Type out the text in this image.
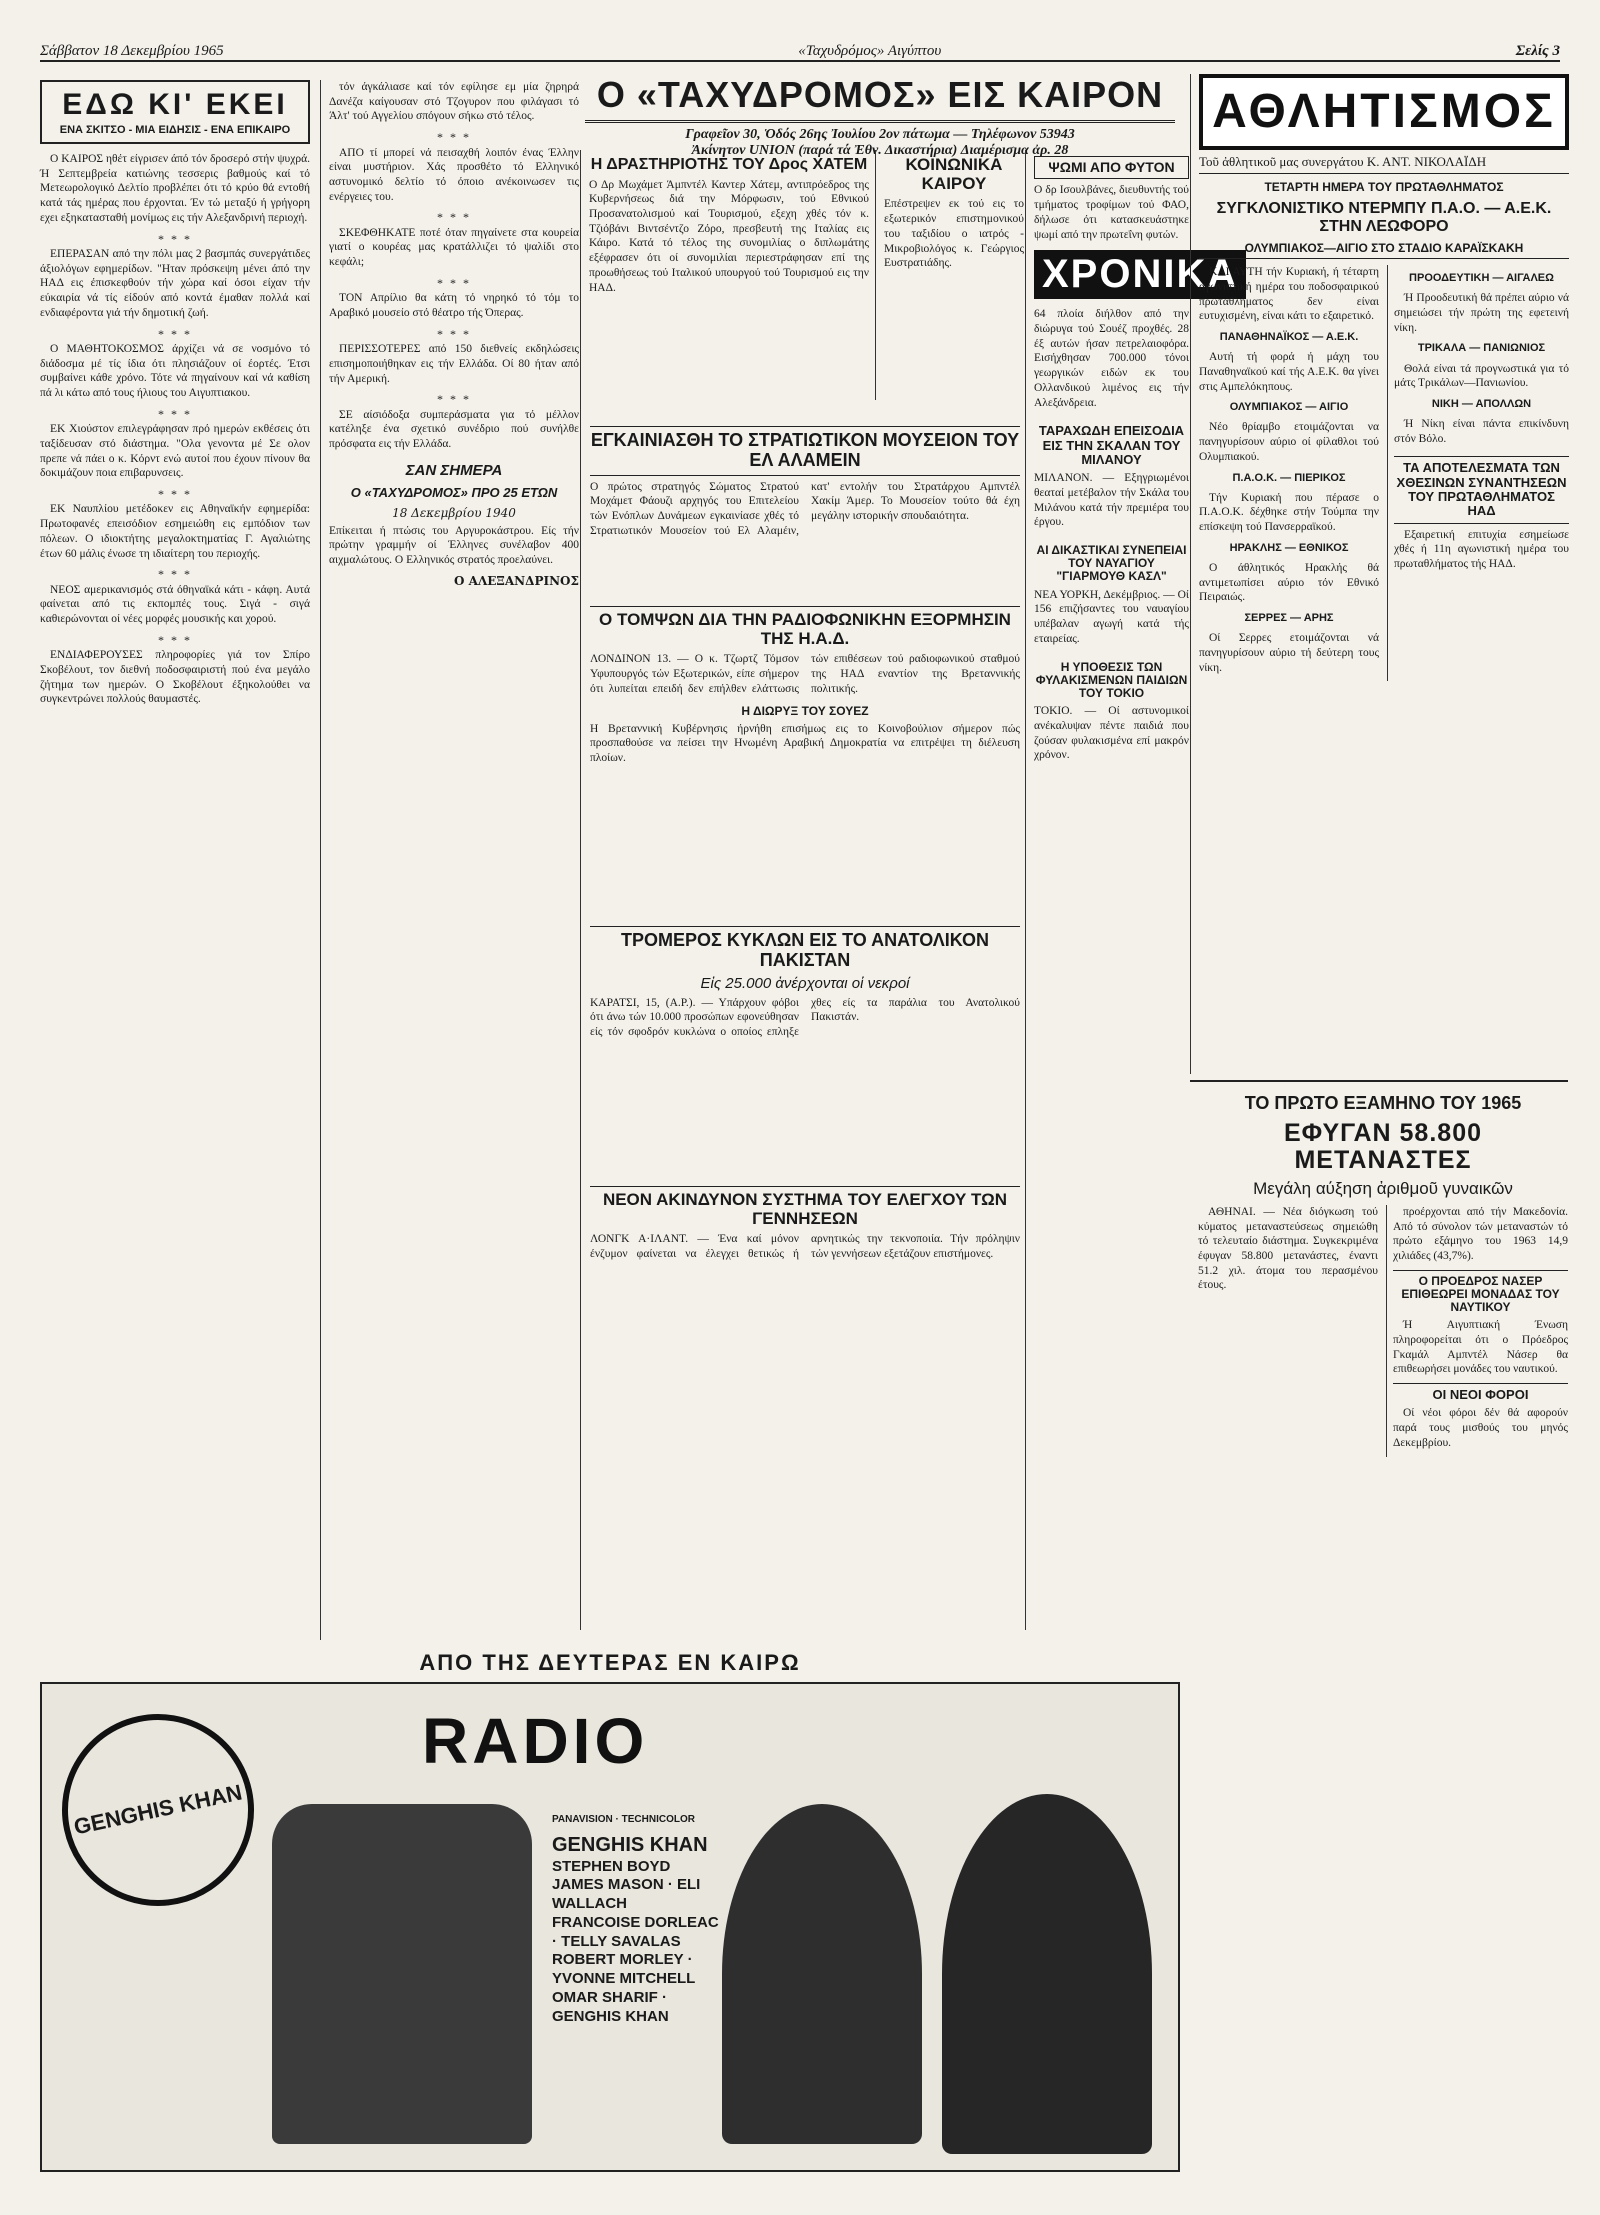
Σάββατον 18 Δεκεμβρίου 1965	«Ταχυδρόμος» Αιγύπτου	Σελίς 3
ΕΔΩ ΚΙ' ΕΚΕΙ
ΕΝΑ ΣΚΙΤΣΟ - ΜΙΑ ΕΙΔΗΣΙΣ - ΕΝΑ ΕΠΙΚΑΙΡΟ

Ο ΚΑΙΡΟΣ ηθέτ είγρισεν άπό τόν δροσερό στήν ψυχρά. Ή Σεπτεμβρεία κατιώνης τεσσερις βαθμούς καί τό Μετεωρολογικό Δελτίο προβλέπει ότι τό κρύο θά εντοθή κατά τάς ημέρας που έρχονται. Έν τώ μεταξύ ή γρήγορη εχει εξηκατασταθή μονίμως εις τήν Αλεξανδρινή περιοχή.

* * *

ΕΠΕΡΑΣΑΝ από την πόλι μας 2 βασμπάς συνεργάτιδες άξιολόγων εφημερίδων. "Ηταν πρόσκεψη μένει άπό την ΗΑΔ εις έπισκεφθούν τήν χώρα καί όσοι είχαν τήν εύκαιρία νά τίς είδούν από κοντά έμαθαν πολλά καί ενδιαφέροντα γιά τήν δημοτική ζωή.

* * *

Ο ΜΑΘΗΤΟΚΟΣΜΟΣ άρχίζει νά σε νοσμόνο τό διάδοσμα μέ τίς ίδια ότι πλησιάζουν οί έορτές. Έτσι συμβαίνει κάθε χρόνο. Τότε νά πηγαίνουν καί νά καθίση πά λι κάτω από τους ήλιους του Αιγυπτιακου.

* * *

ΕΚ Χιούστον επιλεγράφησαν πρό ημερών εκθέσεις ότι ταξίδευσαν στό διάστημα. "Ολα γενοντα μέ Σε ολον πρεπε νά πάει ο κ. Κόρντ ενώ αυτοί που έχουν πίνουν θα δοκιμάζουν ποια επιβαρυνσεις.

* * *

ΕΚ Ναυπλίου μετέδοκεν εις Αθηναϊκήν εφημερίδα: Πρωτοφανές επεισόδιον εσημειώθη εις εμπόδιον των πόλεων. Ο ιδιοκτήτης μεγαλοκτηματίας Γ. Αγαλιώτης έτων 60 μάλις ένωσε τη ιδιαίτερη του περιοχής.

* * *

ΝΕΟΣ αμερικανισμός στά όθηναϊκά κάτι - κάφη. Αυτά φαίνεται από τις εκπομπές τους. Σιγά - σιγά καθιερώνονται οί νέες μορφές μουσικής και χορού.

* * *

ΕΝΔΙΑΦΕΡΟΥΣΕΣ πληροφορίες γιά τον Σπίρο Σκοβέλουτ, τον διεθνή ποδοσφαιριστή πού ένα μεγάλο ζήτημα των ημερών. Ο Σκοβέλουτ έξηκολούθει να συγκεντρώνει πολλούς θαυμαστές.

τόν άγκάλιασε καί τόν εφίλησε εμ μία ζηρηρά Δανέζα καίγουσαν στό Τζογυρον που φιλάγασι τό Άλτ' τού Αγγελίου σπόγουν σήκω στό τέλος.

* * *

ΑΠΟ τί μπορεί νά πεισαχθή λοιπόν ένας Έλλην είναι μυστήριον. Χάς προσθέτο τό Ελληνικό αστυνομικό δελτίο τό όποιο ανέκοινωσεν τις ενέργειες του.

* * *

ΣΚΕΦΘΗΚΑΤΕ ποτέ όταν πηγαίνετε στα κουρεία γιατί ο κουρέας μας κρατάλλιζει τό ψαλίδι στο κεφάλι;

* * *

ΤΟΝ Απρίλιο θα κάτη τό νηρηκό τό τόμ το Αραβικό μουσείο στό θέατρο τής Όπερας.

* * *

ΠΕΡΙΣΣΟΤΕΡΕΣ από 150 διεθνείς εκδηλώσεις επισημοποιήθηκαν εις τήν Ελλάδα. Οί 80 ήταν από τήν Αμερική.

* * *

ΣΕ αίσιόδοξα συμπεράσματα για τό μέλλον κατέληξε ένα σχετικό συνέδριο πού συνήλθε πρόσφατα εις τήν Ελλάδα.

ΣΑΝ ΣΗΜΕΡΑ
Ο «ΤΑΧΥΔΡΟΜΟΣ» ΠΡΟ 25 ΕΤΩΝ
18 Δεκεμβρίου 1940
Επίκειται ή πτώσις του Αργυροκάστρου. Είς τήν πρώτην γραμμήν οί Έλληνες συνέλαβον 400 αιχμαλώτους. Ο Ελληνικός στρατός προελαύνει.
Ο ΑΛΕΞΑΝΔΡΙΝΟΣ
Ο «ΤΑΧΥΔΡΟΜΟΣ» ΕΙΣ ΚΑΙΡΟΝ
Γραφεῖον 30, Ὁδός 26ης Ἰουλίου 2ον πάτωμα — Τηλέφωνον 53943
Ἀκίνητον UNION (παρά τά Ἐθν. Δικαστήρια) Διαμέρισμα ἀρ. 28
Η ΔΡΑΣΤΗΡΙΟΤΗΣ ΤΟΥ Δρος ΧΑΤΕΜ
Ο Δρ Μωχάμετ Άμπντέλ Καντερ Χάτεμ, αντιπρόεδρος της Κυβερνήσεως διά την Μόρφωσιν, τού Εθνικού Προσανατολισμού καί Τουρισμού, εξεχη χθές τόν κ. Τζιόβάνι Βιντσέντζο Ζόρο, πρεσβευτή της Ιταλίας εις Κάιρο. Κατά τό τέλος της συνομιλίας ο διπλωμάτης εξέφρασεν ότι οί συνομιλίαι περιεστράφησαν επί της προωθήσεως τού Ιταλικού υπουργού τού Τουρισμού εις την ΗΑΔ.
ΚΟΙΝΩΝΙΚΑ ΚΑΙΡΟΥ
Επέστρεψεν εκ τού εις το εξωτερικόν επιστημονικού του ταξιδίου ο ιατρός - Μικροβιολόγος κ. Γεώργιος Ευστρατιάδης.
ΨΩΜΙ ΑΠΟ ΦΥΤΟΝ
Ο δρ Ισουλβάνες, διευθυντής τού τμήματος τροφίμων τού ΦΑΟ, δήλωσε ότι κατασκευάστηκε ψωμί από την πρωτεΐνη φυτών.
ΧΡΟΝΙΚΑ
64 πλοία διήλθον από την διώρυγα τού Σουέζ προχθές. 28 έξ αυτών ήσαν πετρελαιοφόρα. Εισήχθησαν 700.000 τόνοι γεωργικών ειδών εκ του Ολλανδικού λιμένος εις τήν Αλεξάνδρεια.
ΤΑΡΑΧΩΔΗ ΕΠΕΙΣΟΔΙΑ ΕΙΣ ΤΗΝ ΣΚΑΛΑΝ ΤΟΥ ΜΙΛΑΝΟΥ
ΜΙΛΑΝΟΝ. — Εξηγριωμένοι θεαταί μετέβαλον τήν Σκάλα του Μιλάνου κατά τήν πρεμιέρα του έργου.
ΑΙ ΔΙΚΑΣΤΙΚΑΙ ΣΥΝΕΠΕΙΑΙ ΤΟΥ ΝΑΥΑΓΙΟΥ "ΓΙΑΡΜΟΥΘ ΚΑΣΛ"
ΝΕΑ ΥΟΡΚΗ, Δεκέμβριος. — Οί 156 επιζήσαντες του ναυαγίου υπέβαλαν αγωγή κατά τής εταιρείας.
Η ΥΠΟΘΕΣΙΣ ΤΩΝ ΦΥΛΑΚΙΣΜΕΝΩΝ ΠΑΙΔΙΩΝ ΤΟΥ ΤΟΚΙΟ
ΤΟΚΙΟ. — Οί αστυνομικοί ανέκαλυψαν πέντε παιδιά που ζούσαν φυλακισμένα επί μακρόν χρόνον.
ΕΓΚΑΙΝΙΑΣΘΗ ΤΟ ΣΤΡΑΤΙΩΤΙΚΟΝ ΜΟΥΣΕΙΟΝ ΤΟΥ ΕΛ ΑΛΑΜΕΙΝ
Ο πρώτος στρατηγός Σώματος Στρατού Μοχάμετ Φάουζι αρχηγός του Επιτελείου τών Ενόπλων Δυνάμεων εγκαινίασε χθές τό Στρατιωτικόν Μουσείον τού Ελ Αλαμέιν, κατ' εντολήν του Στρατάρχου Αμπντέλ Χακίμ Άμερ. Το Μουσείον τούτο θά έχη μεγάλην ιστορικήν σπουδαιότητα.
Ο ΤΟΜΨΩΝ ΔΙΑ ΤΗΝ ΡΑΔΙΟΦΩΝΙΚΗΝ ΕΞΟΡΜΗΣΙΝ ΤΗΣ Η.Α.Δ.
ΛΟΝΔΙΝΟΝ 13. — Ο κ. Τζωρτζ Τόμσον Υφυπουργός τών Εξωτερικών, είπε σήμερον ότι λυπείται επειδή δεν επήλθεν ελάττωσις τών επιθέσεων τού ραδιοφωνικού σταθμού της ΗΑΔ εναντίον της Βρεταννικής πολιτικής.
Η ΔΙΩΡΥΞ ΤΟΥ ΣΟΥΕΖ
Η Βρεταννική Κυβέρνησις ήρνήθη επισήμως εις το Κοινοβούλιον σήμερον πώς προσπαθούσε να πείσει την Ηνωμένη Αραβική Δημοκρατία να επιτρέψει τη διέλευση πλοίων.
ΤΡΟΜΕΡΟΣ ΚΥΚΛΩΝ ΕΙΣ ΤΟ ΑΝΑΤΟΛΙΚΟΝ ΠΑΚΙΣΤΑΝ
Εἰς 25.000 ἀνέρχονται οἱ νεκροί
ΚΑΡΑΤΣΙ, 15, (Α.Ρ.). — Υπάρχουν φόβοι ότι άνω τών 10.000 προσώπων εφονεύθησαν είς τόν σφοδρόν κυκλώνα ο οποίος επληξε χθες είς τα παράλια του Ανατολικού Πακιστάν.
ΝΕΟΝ ΑΚΙΝΔΥΝΟΝ ΣΥΣΤΗΜΑ ΤΟΥ ΕΛΕΓΧΟΥ ΤΩΝ ΓΕΝΝΗΣΕΩΝ
ΛΟΝΓΚ Α·ΙΛΑΝΤ. — Ένα καί μόνον ένζυμον φαίνεται να έλεγχει θετικώς ή αρνητικώς την τεκνοποιία. Τήν πρόληψιν τών γεννήσεων εξετάζουν επιστήμονες.
ΑΘΛΗΤΙΣΜΟΣ
Τοῦ ἀθλητικοῦ μας συνεργάτου Κ. ΑΝΤ. ΝΙΚΟΛΑΪΔΗ
ΤΕΤΑΡΤΗ ΗΜΕΡΑ ΤΟΥ ΠΡΩΤΑΘΛΗΜΑΤΟΣ
ΣΥΓΚΛΟΝΙΣΤΙΚΟ ΝΤΕΡΜΠΥ Π.Α.Ο. — Α.Ε.Κ. ΣΤΗΝ ΛΕΩΦΟΡΟ
ΟΛΥΜΠΙΑΚΟΣ—ΑΙΓΙΟ ΣΤΟ ΣΤΑΔΙΟ ΚΑΡΑΪΣΚΑΚΗ

ΚΑΙ ΑΥΤΗ τήν Κυριακή, ή τέταρτη αγωνιστική ημέρα του ποδοσφαιρικού πρωταθλήματος δεν είναι ευτυχισμένη, είναι κάτι το εξαιρετικό.

ΠΑΝΑΘΗΝΑΪΚΟΣ — Α.Ε.Κ.

Αυτή τή φορά ή μάχη του Παναθηναϊκού καί τής Α.Ε.Κ. θα γίνει στις Αμπελόκηπους.

ΟΛΥΜΠΙΑΚΟΣ — ΑΙΓΙΟ

Νέο θρίαμβο ετοιμάζονται να πανηγυρίσουν αύριο οί φίλαθλοι τού Ολυμπιακού.

Π.Α.Ο.Κ. — ΠΙΕΡΙΚΟΣ

Τήν Κυριακή που πέρασε ο Π.Α.Ο.Κ. δέχθηκε στήν Τούμπα την επίσκεψη τού Πανσερραϊκού.

ΗΡΑΚΛΗΣ — ΕΘΝΙΚΟΣ

Ο άθλητικός Ηρακλής θά αντιμετωπίσει αύριο τόν Εθνικό Πειραιώς.

ΣΕΡΡΕΣ — ΑΡΗΣ

Οί Σερρες ετοιμάζονται νά πανηγυρίσουν αύριο τή δεύτερη τους νίκη.

ΠΡΟΟΔΕΥΤΙΚΗ — ΑΙΓΑΛΕΩ

Ή Προοδευτική θά πρέπει αύριο νά σημειώσει τήν πρώτη της εφετεινή νίκη.

ΤΡΙΚΑΛΑ — ΠΑΝΙΩΝΙΟΣ

Θολά είναι τά προγνωστικά για τό μάτς Τρικάλων—Πανιωνίου.

ΝΙΚΗ — ΑΠΟΛΛΩΝ

Ή Νίκη είναι πάντα επικίνδυνη στόν Βόλο.

ΤΑ ΑΠΟΤΕΛΕΣΜΑΤΑ ΤΩΝ ΧΘΕΣΙΝΩΝ ΣΥΝΑΝΤΗΣΕΩΝ ΤΟΥ ΠΡΩΤΑΘΛΗΜΑΤΟΣ ΗΑΔ

Εξαιρετική επιτυχία εσημείωσε χθές ή 11η αγωνιστική ημέρα του πρωταθλήματος τής ΗΑΔ.

ΤΟ ΠΡΩΤΟ ΕΞΑΜΗΝΟ ΤΟΥ 1965
ΕΦΥΓΑΝ 58.800 ΜΕΤΑΝΑΣΤΕΣ
Μεγάλη αύξηση ἀριθμοῦ γυναικῶν

ΑΘΗΝΑΙ. — Νέα διόγκωση τού κύματος μεταναστεύσεως σημειώθη τό τελευταίο διάστημα. Συγκεκριμένα έφυγαν 58.800 μετανάστες, έναντι 51.2 χιλ. άτομα του περασμένου έτους.

προέρχονται από τήν Μακεδονία. Από τό σύνολον τών μεταναστών τό πρώτο εξάμηνο του 1963 14,9 χιλιάδες (43,7%).

Ο ΠΡΟΕΔΡΟΣ ΝΑΣΕΡ ΕΠΙΘΕΩΡΕΙ ΜΟΝΑΔΑΣ ΤΟΥ ΝΑΥΤΙΚΟΥ

Ή Αιγυπτιακή Ένωση πληροφορείται ότι ο Πρόεδρος Γκαμάλ Αμπντέλ Νάσερ θα επιθεωρήσει μονάδες του ναυτικού.

ΟΙ ΝΕΟΙ ΦΟΡΟΙ

Οί νέοι φόροι δέν θά αφορούν παρά τους μισθούς του μηνός Δεκεμβρίου.

ΑΠΟ ΤΗΣ ΔΕΥΤΕΡΑΣ ΕΝ ΚΑΙΡΩ
GENGHIS KHAN
RADIO
PANAVISION · TECHNICOLOR
GENGHIS KHAN
STEPHEN BOYD
JAMES MASON · ELI WALLACH
FRANCOISE DORLEAC · TELLY SAVALAS
ROBERT MORLEY · YVONNE MITCHELL
OMAR SHARIF · GENGHIS KHAN
